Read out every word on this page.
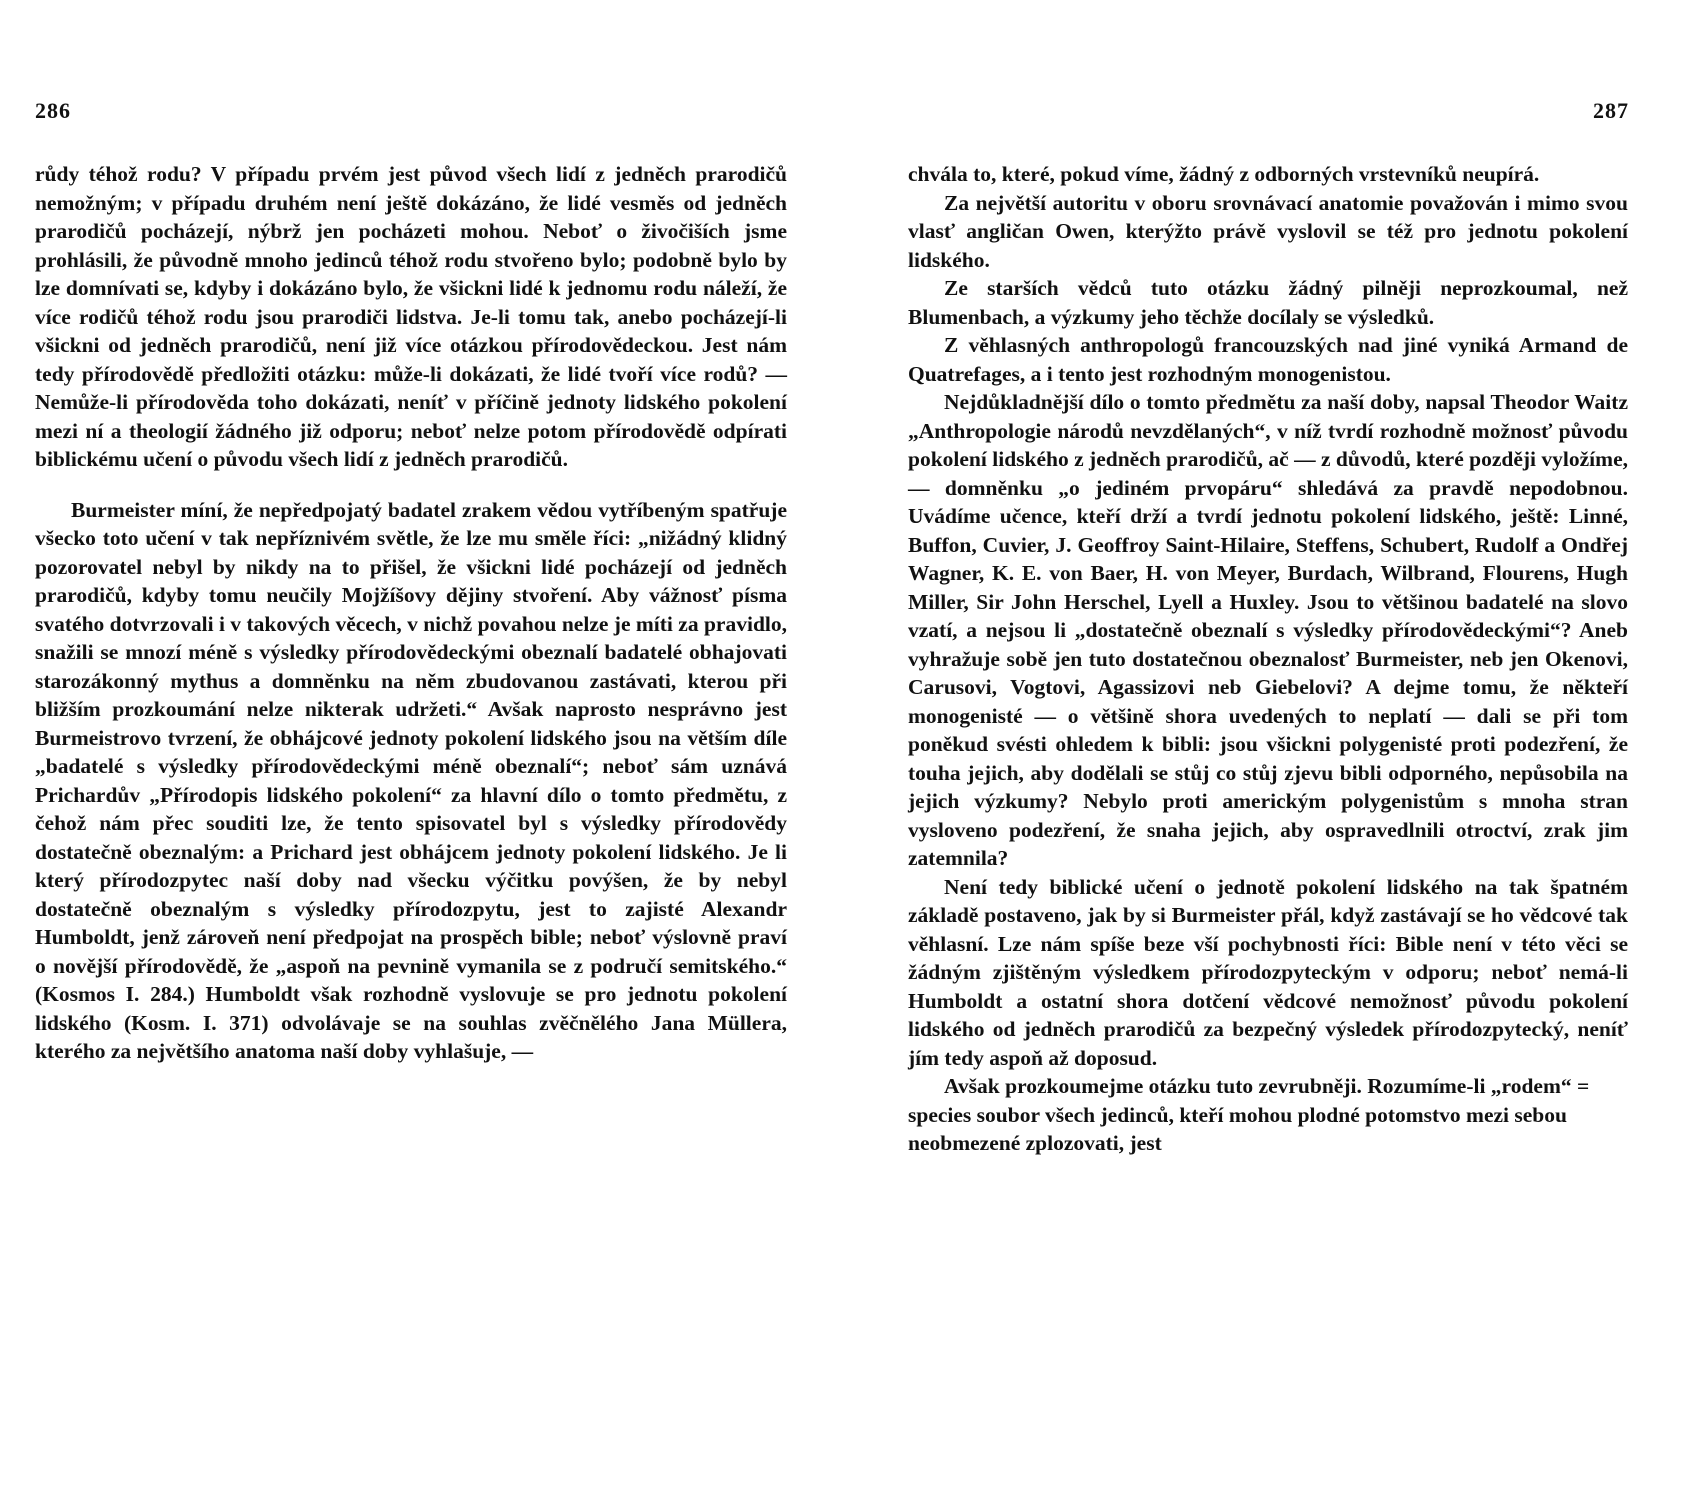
286	287

růdy téhož rodu? V případu prvém jest původ všech lidí z jedněch prarodičů nemožným; v případu druhém není ještě dokázáno, že lidé vesměs od jedněch prarodičů pocházejí, nýbrž jen pocházeti mohou. Neboť o živočiších jsme prohlásili, že původně mnoho jedinců téhož rodu stvořeno bylo; podobně bylo by lze domnívati se, kdyby i dokázáno bylo, že všickni lidé k jednomu rodu náleží, že více rodičů téhož rodu jsou prarodiči lidstva. Je-li tomu tak, anebo pocházejí-li všickni od jedněch prarodičů, není již více otázkou přírodovědeckou. Jest nám tedy přírodovědě předložiti otázku: může-li dokázati, že lidé tvoří více rodů? — Nemůže-li přírodověda toho dokázati, neníť v příčině jednoty lidského pokolení mezi ní a theologií žádného již odporu; neboť nelze potom přírodovědě odpírati biblickému učení o původu všech lidí z jedněch prarodičů.

Burmeister míní, že nepředpojatý badatel zrakem vědou vytříbeným spatřuje všecko toto učení v tak nepříznivém světle, že lze mu směle říci: „nižádný klidný pozorovatel nebyl by nikdy na to přišel, že všickni lidé pocházejí od jedněch prarodičů, kdyby tomu neučily Mojžíšovy dějiny stvoření. Aby vážnosť písma svatého dotvrzovali i v takových věcech, v nichž povahou nelze je míti za pravidlo, snažili se mnozí méně s výsledky přírodovědeckými obeznalí badatelé obhajovati starozákonný mythus a domněnku na něm zbudovanou zastávati, kterou při bližším prozkoumání nelze nikterak udržeti.“ Avšak naprosto nesprávno jest Burmeistrovo tvrzení, že obhájcové jednoty pokolení lidského jsou na větším díle „badatelé s výsledky přírodovědeckými méně obeznalí“; neboť sám uznává Prichardův „Přírodopis lidského pokolení“ za hlavní dílo o tomto předmětu, z čehož nám přec souditi lze, že tento spisovatel byl s výsledky přírodovědy dostatečně obeznalým: a Prichard jest obhájcem jednoty pokolení lidského. Je li který přírodozpytec naší doby nad všecku výčitku povýšen, že by nebyl dostatečně obeznalým s výsledky přírodozpytu, jest to zajisté Alexandr Humboldt, jenž zároveň není předpojat na prospěch bible; neboť výslovně praví o novější přírodovědě, že „aspoň na pevnině vymanila se z područí semitského.“ (Kosmos I. 284.) Humboldt však rozhodně vyslovuje se pro jednotu pokolení lidského (Kosm. I. 371) odvolávaje se na souhlas zvěčnělého Jana Müllera, kterého za největšího anatoma naší doby vyhlašuje, —

chvála to, které, pokud víme, žádný z odborných vrstevníků neupírá.

Za největší autoritu v oboru srovnávací anatomie považován i mimo svou vlasť angličan Owen, kterýžto právě vyslovil se též pro jednotu pokolení lidského.

Ze starších vědců tuto otázku žádný pilněji neprozkoumal, než Blumenbach, a výzkumy jeho těchže docílaly se výsledků.

Z věhlasných anthropologů francouzských nad jiné vyniká Armand de Quatrefages, a i tento jest rozhodným monogenistou.

Nejdůkladnější dílo o tomto předmětu za naší doby, napsal Theodor Waitz „Anthropologie národů nevzdělaných“, v níž tvrdí rozhodně možnosť původu pokolení lidského z jedněch prarodičů, ač — z důvodů, které později vyložíme, — domněnku „o jediném prvopáru“ shledává za pravdě nepodobnou. Uvádíme učence, kteří drží a tvrdí jednotu pokolení lidského, ještě: Linné, Buffon, Cuvier, J. Geoffroy Saint-Hilaire, Steffens, Schubert, Rudolf a Ondřej Wagner, K. E. von Baer, H. von Meyer, Burdach, Wilbrand, Flourens, Hugh Miller, Sir John Herschel, Lyell a Huxley. Jsou to většinou badatelé na slovo vzatí, a nejsou li „dostatečně obeznalí s výsledky přírodovědeckými“? Aneb vyhražuje sobě jen tuto dostatečnou obeznalosť Burmeister, neb jen Okenovi, Carusovi, Vogtovi, Agassizovi neb Giebelovi? A dejme tomu, že někteří monogenisté — o většině shora uvedených to neplatí — dali se při tom poněkud svésti ohledem k bibli: jsou všickni polygenisté proti podezření, že touha jejich, aby dodělali se stůj co stůj zjevu bibli odporného, nepůsobila na jejich výzkumy? Nebylo proti americkým polygenistům s mnoha stran vysloveno podezření, že snaha jejich, aby ospravedlnili otroctví, zrak jim zatemnila?

Není tedy biblické učení o jednotě pokolení lidského na tak špatném základě postaveno, jak by si Burmeister přál, když zastávají se ho vědcové tak věhlasní. Lze nám spíše beze vší pochybnosti říci: Bible není v této věci se žádným zjištěným výsledkem přírodozpyteckým v odporu; neboť nemá-li Humboldt a ostatní shora dotčení vědcové nemožnosť původu pokolení lidského od jedněch prarodičů za bezpečný výsledek přírodozpytecký, neníť jím tedy aspoň až doposud.

Avšak prozkoumejme otázku tuto zevrubněji. Rozumíme-li „rodem“ = species soubor všech jedinců, kteří mohou plodné potomstvo mezi sebou neobmezené zplozovati, jest
